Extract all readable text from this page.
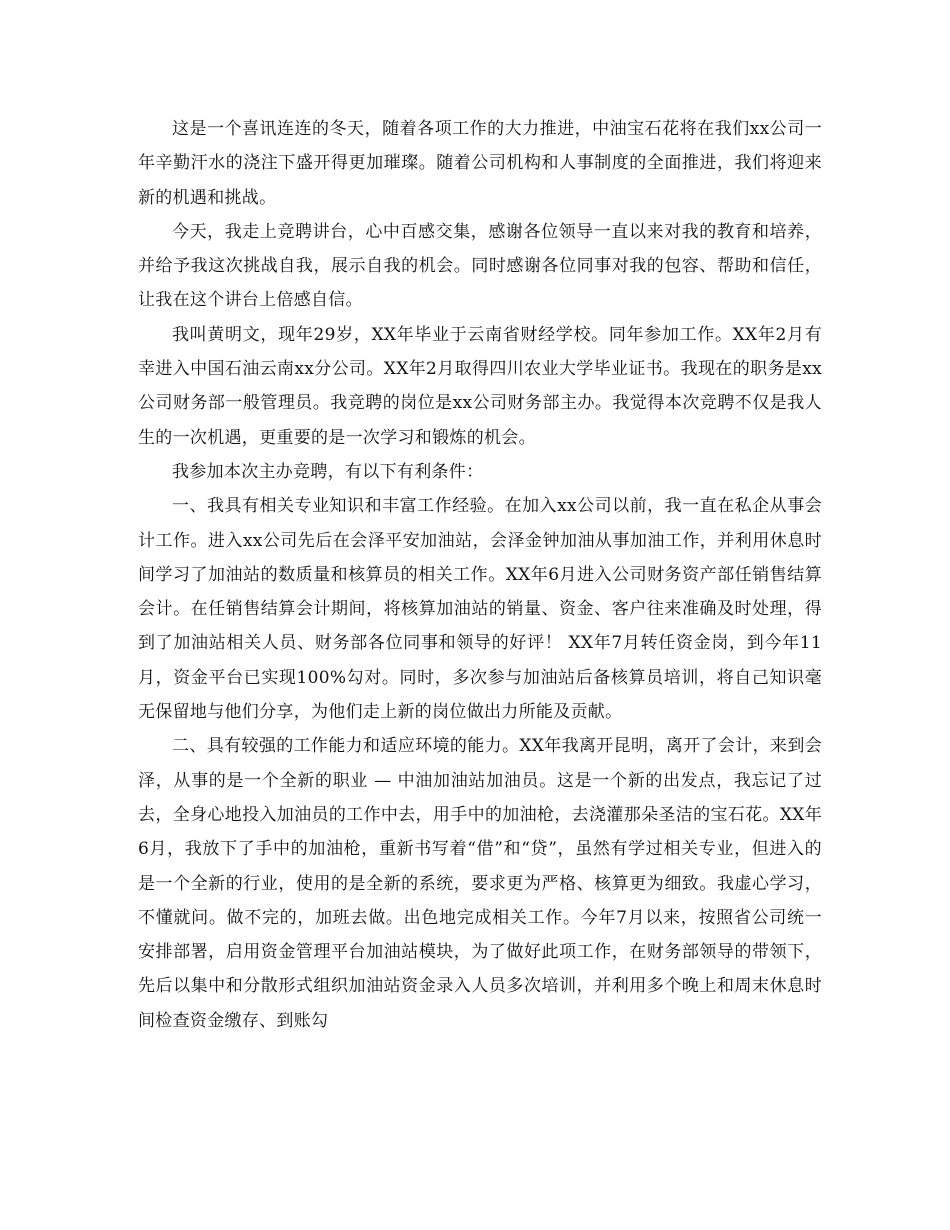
这是一个喜讯连连的冬天，随着各项工作的大力推进，中油宝石花将在我们xx公司一年辛勤汗水的浇注下盛开得更加璀璨。随着公司机构和人事制度的全面推进，我们将迎来新的机遇和挑战。

今天，我走上竞聘讲台，心中百感交集，感谢各位领导一直以来对我的教育和培养，并给予我这次挑战自我，展示自我的机会。同时感谢各位同事对我的包容、帮助和信任，让我在这个讲台上倍感自信。

我叫黄明文，现年29岁，XX年毕业于云南省财经学校。同年参加工作。XX年2月有幸进入中国石油云南xx分公司。XX年2月取得四川农业大学毕业证书。我现在的职务是xx公司财务部一般管理员。我竞聘的岗位是xx公司财务部主办。我觉得本次竞聘不仅是我人生的一次机遇，更重要的是一次学习和锻炼的机会。

我参加本次主办竞聘，有以下有利条件：

一、我具有相关专业知识和丰富工作经验。在加入xx公司以前，我一直在私企从事会计工作。进入xx公司先后在会泽平安加油站，会泽金钟加油从事加油工作，并利用休息时间学习了加油站的数质量和核算员的相关工作。XX年6月进入公司财务资产部任销售结算会计。在任销售结算会计期间，将核算加油站的销量、资金、客户往来准确及时处理，得到了加油站相关人员、财务部各位同事和领导的好评！ XX年7月转任资金岗，到今年11月，资金平台已实现100%勾对。同时，多次参与加油站后备核算员培训，将自己知识毫无保留地与他们分享，为他们走上新的岗位做出力所能及贡献。

二、具有较强的工作能力和适应环境的能力。XX年我离开昆明，离开了会计，来到会泽，从事的是一个全新的职业 — 中油加油站加油员。这是一个新的出发点，我忘记了过去，全身心地投入加油员的工作中去，用手中的加油枪，去浇灌那朵圣洁的宝石花。XX年6月，我放下了手中的加油枪，重新书写着“借”和“贷”，虽然有学过相关专业，但进入的是一个全新的行业，使用的是全新的系统，要求更为严格、核算更为细致。我虚心学习，不懂就问。做不完的，加班去做。出色地完成相关工作。今年7月以来，按照省公司统一安排部署，启用资金管理平台加油站模块，为了做好此项工作，在财务部领导的带领下，先后以集中和分散形式组织加油站资金录入人员多次培训，并利用多个晚上和周末休息时间检查资金缴存、到账勾
